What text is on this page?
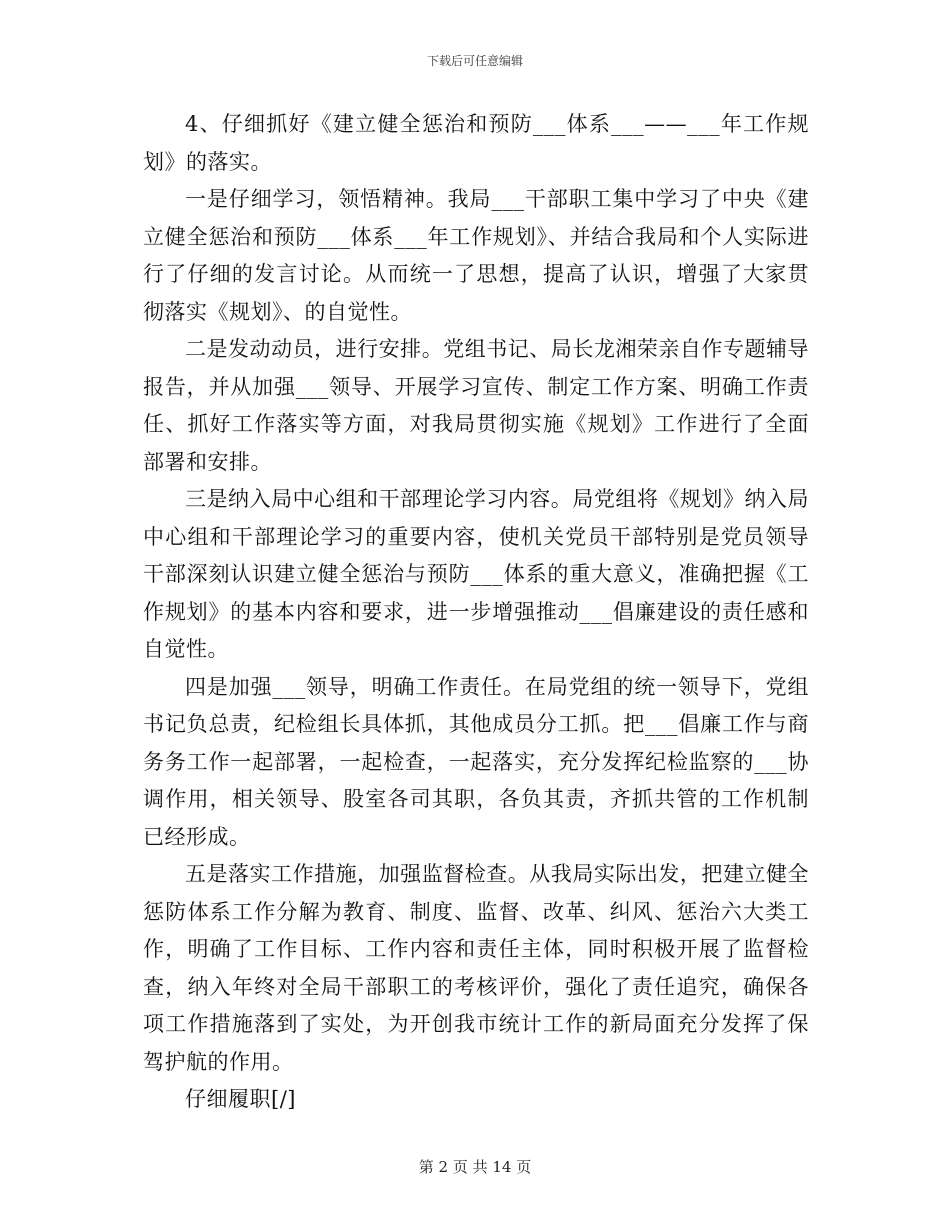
下载后可任意编辑

4、仔细抓好《建立健全惩治和预防___体系___——___年工作规划》的落实。

一是仔细学习，领悟精神。我局___干部职工集中学习了中央《建立健全惩治和预防___体系___年工作规划》、并结合我局和个人实际进行了仔细的发言讨论。从而统一了思想，提高了认识，增强了大家贯彻落实《规划》、的自觉性。

二是发动动员，进行安排。党组书记、局长龙湘荣亲自作专题辅导报告，并从加强___领导、开展学习宣传、制定工作方案、明确工作责任、抓好工作落实等方面，对我局贯彻实施《规划》工作进行了全面部署和安排。

三是纳入局中心组和干部理论学习内容。局党组将《规划》纳入局中心组和干部理论学习的重要内容，使机关党员干部特别是党员领导干部深刻认识建立健全惩治与预防___体系的重大意义，准确把握《工作规划》的基本内容和要求，进一步增强推动___倡廉建设的责任感和自觉性。

四是加强___领导，明确工作责任。在局党组的统一领导下，党组书记负总责，纪检组长具体抓，其他成员分工抓。把___倡廉工作与商务务工作一起部署，一起检查，一起落实，充分发挥纪检监察的___协调作用，相关领导、股室各司其职，各负其责，齐抓共管的工作机制已经形成。

五是落实工作措施，加强监督检查。从我局实际出发，把建立健全惩防体系工作分解为教育、制度、监督、改革、纠风、惩治六大类工作，明确了工作目标、工作内容和责任主体，同时积极开展了监督检查，纳入年终对全局干部职工的考核评价，强化了责任追究，确保各项工作措施落到了实处，为开创我市统计工作的新局面充分发挥了保驾护航的作用。

仔细履职[/]

第 2 页 共 14 页
